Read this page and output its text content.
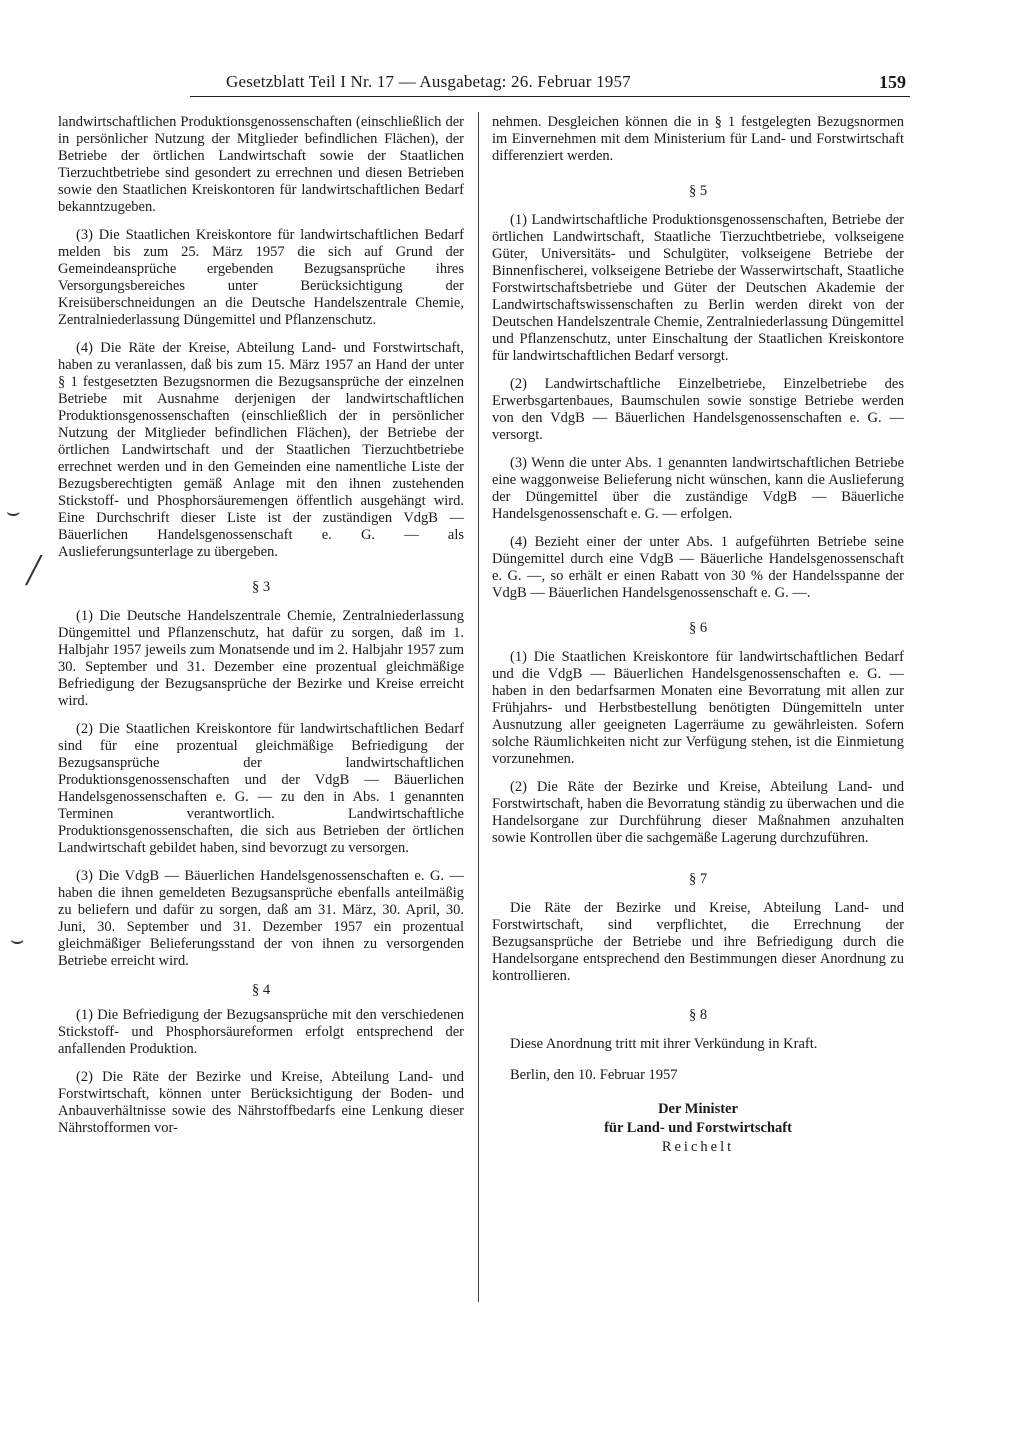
Gesetzblatt Teil I Nr. 17 — Ausgabetag: 26. Februar 1957	159
⌣
╱
⌣

landwirtschaftlichen Produktionsgenossenschaften (einschließlich der in persönlicher Nutzung der Mitglieder befindlichen Flächen), der Betriebe der örtlichen Landwirtschaft sowie der Staatlichen Tierzuchtbetriebe sind gesondert zu errechnen und diesen Betrieben sowie den Staatlichen Kreiskontoren für landwirtschaftlichen Bedarf bekanntzugeben.

(3) Die Staatlichen Kreiskontore für landwirtschaftlichen Bedarf melden bis zum 25. März 1957 die sich auf Grund der Gemeindeansprüche ergebenden Bezugsansprüche ihres Versorgungsbereiches unter Berücksichtigung der Kreisüberschneidungen an die Deutsche Handelszentrale Chemie, Zentralniederlassung Düngemittel und Pflanzenschutz.

(4) Die Räte der Kreise, Abteilung Land- und Forstwirtschaft, haben zu veranlassen, daß bis zum 15. März 1957 an Hand der unter § 1 festgesetzten Bezugsnormen die Bezugsansprüche der einzelnen Betriebe mit Ausnahme derjenigen der landwirtschaftlichen Produktionsgenossenschaften (einschließlich der in persönlicher Nutzung der Mitglieder befindlichen Flächen), der Betriebe der örtlichen Landwirtschaft und der Staatlichen Tierzuchtbetriebe errechnet werden und in den Gemeinden eine namentliche Liste der Bezugsberechtigten gemäß Anlage mit den ihnen zustehenden Stickstoff- und Phosphorsäuremengen öffentlich ausgehängt wird. Eine Durchschrift dieser Liste ist der zuständigen VdgB — Bäuerlichen Handelsgenossenschaft e. G. — als Auslieferungsunterlage zu übergeben.

§ 3

(1) Die Deutsche Handelszentrale Chemie, Zentralniederlassung Düngemittel und Pflanzenschutz, hat dafür zu sorgen, daß im 1. Halbjahr 1957 jeweils zum Monatsende und im 2. Halbjahr 1957 zum 30. September und 31. Dezember eine prozentual gleichmäßige Befriedigung der Bezugsansprüche der Bezirke und Kreise erreicht wird.

(2) Die Staatlichen Kreiskontore für landwirtschaftlichen Bedarf sind für eine prozentual gleichmäßige Befriedigung der Bezugsansprüche der landwirtschaftlichen Produktionsgenossenschaften und der VdgB — Bäuerlichen Handelsgenossenschaften e. G. — zu den in Abs. 1 genannten Terminen verantwortlich. Landwirtschaftliche Produktionsgenossenschaften, die sich aus Betrieben der örtlichen Landwirtschaft gebildet haben, sind bevorzugt zu versorgen.

(3) Die VdgB — Bäuerlichen Handelsgenossenschaften e. G. — haben die ihnen gemeldeten Bezugsansprüche ebenfalls anteilmäßig zu beliefern und dafür zu sorgen, daß am 31. März, 30. April, 30. Juni, 30. September und 31. Dezember 1957 ein prozentual gleichmäßiger Belieferungsstand der von ihnen zu versorgenden Betriebe erreicht wird.

§ 4

(1) Die Befriedigung der Bezugsansprüche mit den verschiedenen Stickstoff- und Phosphorsäureformen erfolgt entsprechend der anfallenden Produktion.

(2) Die Räte der Bezirke und Kreise, Abteilung Land- und Forstwirtschaft, können unter Berücksichtigung der Boden- und Anbauverhältnisse sowie des Nährstoffbedarfs eine Lenkung dieser Nährstofformen vor-

nehmen. Desgleichen können die in § 1 festgelegten Bezugsnormen im Einvernehmen mit dem Ministerium für Land- und Forstwirtschaft differenziert werden.

§ 5

(1) Landwirtschaftliche Produktionsgenossenschaften, Betriebe der örtlichen Landwirtschaft, Staatliche Tierzuchtbetriebe, volkseigene Güter, Universitäts- und Schulgüter, volkseigene Betriebe der Binnenfischerei, volkseigene Betriebe der Wasserwirtschaft, Staatliche Forstwirtschaftsbetriebe und Güter der Deutschen Akademie der Landwirtschaftswissenschaften zu Berlin werden direkt von der Deutschen Handelszentrale Chemie, Zentralniederlassung Düngemittel und Pflanzenschutz, unter Einschaltung der Staatlichen Kreiskontore für landwirtschaftlichen Bedarf versorgt.

(2) Landwirtschaftliche Einzelbetriebe, Einzelbetriebe des Erwerbsgartenbaues, Baumschulen sowie sonstige Betriebe werden von den VdgB — Bäuerlichen Handelsgenossenschaften e. G. — versorgt.

(3) Wenn die unter Abs. 1 genannten landwirtschaftlichen Betriebe eine waggonweise Belieferung nicht wünschen, kann die Auslieferung der Düngemittel über die zuständige VdgB — Bäuerliche Handelsgenossenschaft e. G. — erfolgen.

(4) Bezieht einer der unter Abs. 1 aufgeführten Betriebe seine Düngemittel durch eine VdgB — Bäuerliche Handelsgenossenschaft e. G. —, so erhält er einen Rabatt von 30 % der Handelsspanne der VdgB — Bäuerlichen Handelsgenossenschaft e. G. —.

§ 6

(1) Die Staatlichen Kreiskontore für landwirtschaftlichen Bedarf und die VdgB — Bäuerlichen Handelsgenossenschaften e. G. — haben in den bedarfsarmen Monaten eine Bevorratung mit allen zur Frühjahrs- und Herbstbestellung benötigten Düngemitteln unter Ausnutzung aller geeigneten Lagerräume zu gewährleisten. Sofern solche Räumlichkeiten nicht zur Verfügung stehen, ist die Einmietung vorzunehmen.

(2) Die Räte der Bezirke und Kreise, Abteilung Land- und Forstwirtschaft, haben die Bevorratung ständig zu überwachen und die Handelsorgane zur Durchführung dieser Maßnahmen anzuhalten sowie Kontrollen über die sachgemäße Lagerung durchzuführen.

§ 7

Die Räte der Bezirke und Kreise, Abteilung Land- und Forstwirtschaft, sind verpflichtet, die Errechnung der Bezugsansprüche der Betriebe und ihre Befriedigung durch die Handelsorgane entsprechend den Bestimmungen dieser Anordnung zu kontrollieren.

§ 8

Diese Anordnung tritt mit ihrer Verkündung in Kraft.

Berlin, den 10. Februar 1957

Der Minister
für Land- und Forstwirtschaft
Reichelt
